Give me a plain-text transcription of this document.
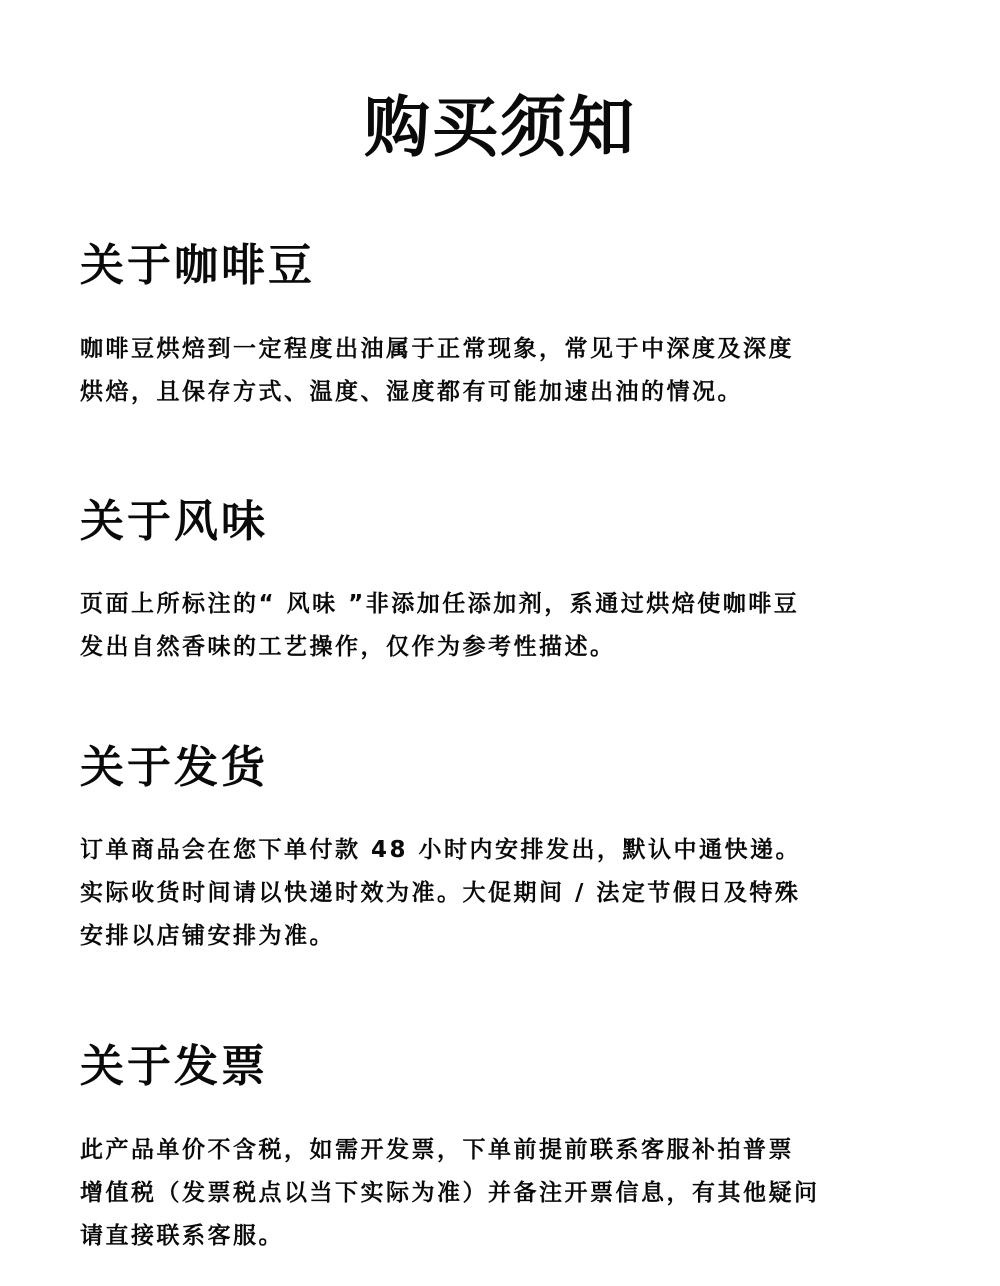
购买须知
关于咖啡豆
咖啡豆烘焙到一定程度出油属于正常现象，常见于中深度及深度
烘焙，且保存方式、温度、湿度都有可能加速出油的情况。
关于风味
页面上所标注的“ 风味 ”非添加任添加剂，系通过烘焙使咖啡豆
发出自然香味的工艺操作，仅作为参考性描述。
关于发货
订单商品会在您下单付款 48 小时内安排发出，默认中通快递。
实际收货时间请以快递时效为准。大促期间 / 法定节假日及特殊
安排以店铺安排为准。
关于发票
此产品单价不含税，如需开发票，下单前提前联系客服补拍普票
增值税（发票税点以当下实际为准）并备注开票信息，有其他疑问
请直接联系客服。
